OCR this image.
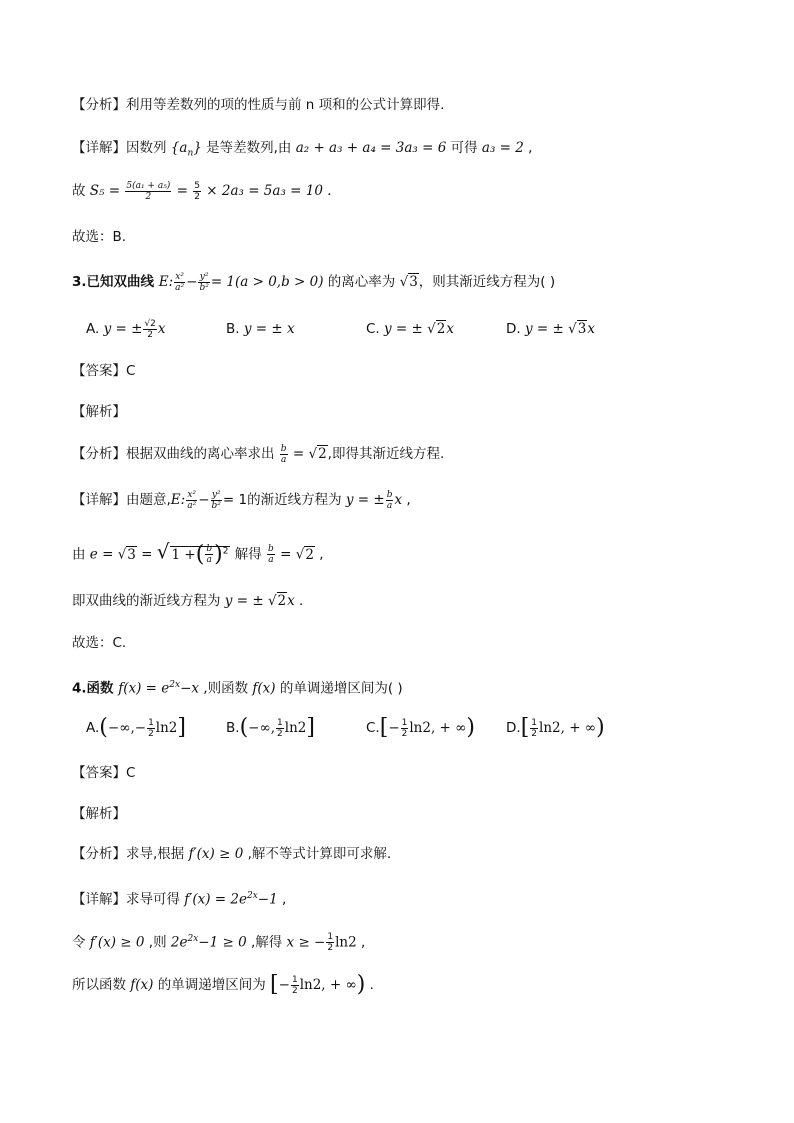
【分析】利用等差数列的项的性质与前 n 项和的公式计算即得.
【详解】因数列 $\{a_n\}$ 是等差数列,由 a₂ + a₃ + a₄ = 3a₃ = 6 可得 a₃ = 2 ,
故 $S_5 = \frac{\text{5(a₁ + a₅)}}{2} = \frac{5}{2} \times 2a_3 = 5a_3 = 10$ .
故选：B.
3.已知双曲线 E: $\frac{\text{x²}}{\text{a²}} - \frac{\text{y²}}{\text{b²}} = 1(a > 0,b > 0)$ 的离心率为 √3，则其渐近线方程为( )
A. y = ± $\frac{√2}{2}$ x	B. y = ± x	C. y = ± √2x	D. y = ± √3x
【答案】C
【解析】
【分析】根据双曲线的离心率求出 $\frac{b}{a} = √2$,即得其渐近线方程.
【详解】由题意,E: $\frac{\text{x²}}{\text{a²}} - \frac{\text{y²}}{\text{b²}} = 1$的渐近线方程为 y = ± $\frac{b}{a}$ x ,
由 e = √3 = √ 1 +( $\frac{b}{a} )^2$ 解得 $\frac{b}{a} = √2$ ,
即双曲线的渐近线方程为 y = ± √2x .
故选：C.
4.函数 $f(x) = e^{2x}-x$ ,则函数 f(x) 的单调递增区间为( )
$A.(-\infty,- \frac{1}{2} \ln 2]$	B.(−∞, $\frac{1}{2} \ln 2$]	$C.[- \frac{1}{2} \ln 2$, + ∞) $D.[ \frac{1}{2} \ln 2$, + ∞)
【答案】C
【解析】
【分析】求导,根据 f′(x) ≥ 0 ,解不等式计算即可求解.
【详解】求导可得 $f'(x) = 2e^{2x}-1$ ,
令 f′(x) ≥ 0 ,则 $2e^{2x}-1 \ge 0$ ,解得 x ≥ − $\frac{1}{2} \ln 2$ ,
所以函数 f(x) 的单调递增区间为 [− $\frac{1}{2} \ln 2$, + ∞) .
